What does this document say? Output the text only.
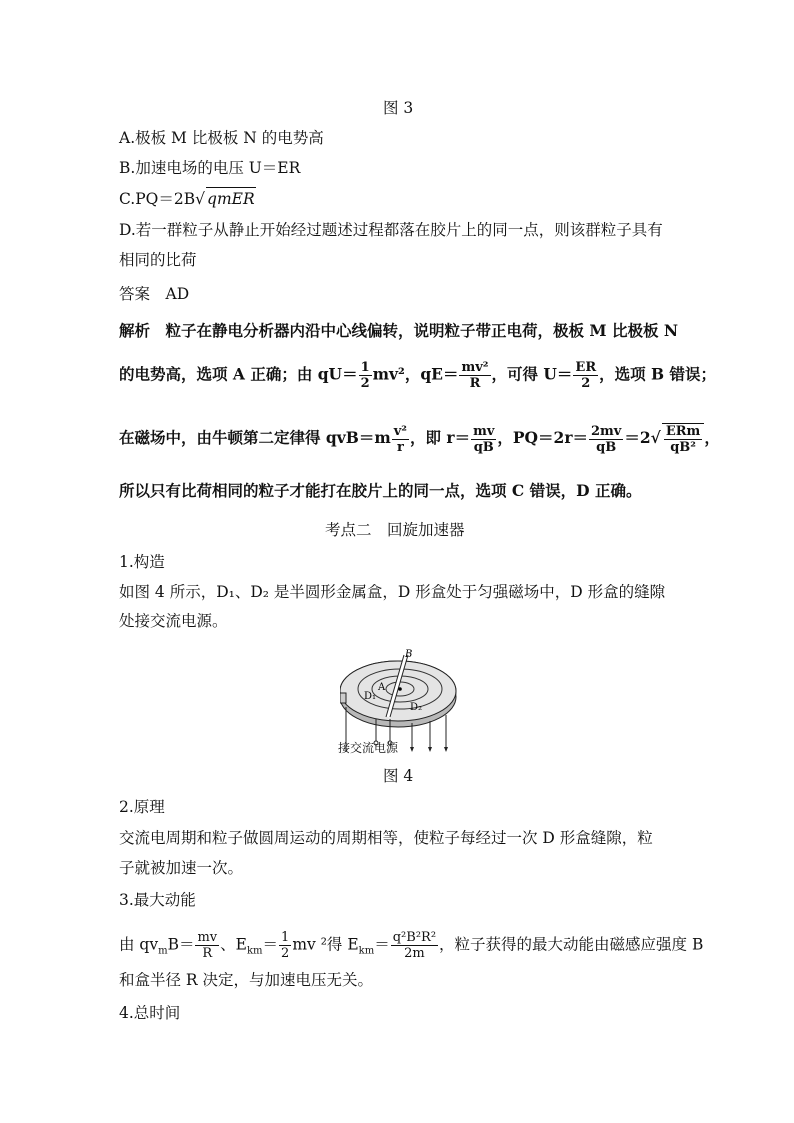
图 3
A.极板 M 比极板 N 的电势高
B.加速电场的电压 U＝ER
C.PQ＝2B√ qmER
D.若一群粒子从静止开始经过题述过程都落在胶片上的同一点，则该群粒子具有
相同的比荷
答案　 AD
解析　 粒子在静电分析器内沿中心线偏转，说明粒子带正电荷，极板 M 比极板 N
的电势高，选项 A 正确；由 $qU= \frac{1}{2} mv^2$，$qE= \frac{\text{mv²}}{R}$ ，可得 $U= \frac{ER}{2}$ ，选项 B 错误；
在磁场中，由牛顿第二定律得 $qvB=m \frac{\text{v²}}{r}$ ，即 $r= \frac{mv}{qB}$ ，$PQ=2r= \frac{2mv}{qB} =2√ \frac{\text{ERm}}{\text{qB²}}$ ，
所以只有比荷相同的粒子才能打在胶片上的同一点，选项 C 错误，D 正确。
考点二　回旋加速器
1.构造
如图 4 所示，D₁、D₂ 是半圆形金属盒，D 形盒处于匀强磁场中，D 形盒的缝隙
处接交流电源。
B
A
D₁
D₂
接交流电源
图 4
2.原理
交流电周期和粒子做圆周运动的周期相等，使粒子每经过一次 D 形盒缝隙，粒
子就被加速一次。
3.最大动能
由 $qv_mB= \frac{mv}{R}$ 、$E_{km}= \frac{1}{2}$ mv ²得 $E_{km}= \frac{\text{q²B²R²}}{2m}$ ，粒子获得的最大动能由磁感应强度 B
和盒半径 R 决定，与加速电压无关。
4.总时间
